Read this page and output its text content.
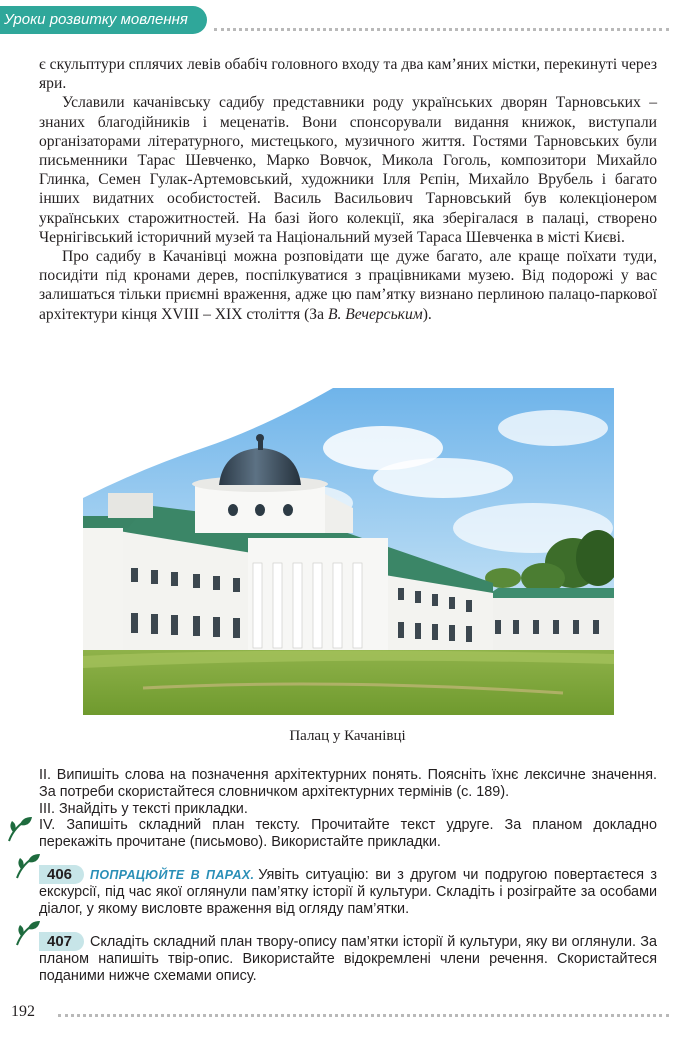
Уроки розвитку мовлення

є скульптури сплячих левів обабіч головного входу та два кам’яних містки, перекинуті через яри.

Уславили качанівську садибу представники роду українських дворян Тарновських – знаних благодійників і меценатів. Вони спонсорували видання книжок, виступали організаторами літературного, мистецького, музичного життя. Гостями Тарновських були письменники Тарас Шевченко, Марко Вовчок, Микола Гоголь, композитори Михайло Глинка, Семен Гулак-Артемовський, художники Ілля Рєпін, Михайло Врубель і багато інших видатних особистостей. Василь Васильович Тарновський був колекціонером українських старожитностей. На базі його колекції, яка зберігалася в палаці, створено Чернігівський історичний музей та Національний музей Тараса Шевченка в місті Києві.

Про садибу в Качанівці можна розповідати ще дуже багато, але краще поїхати туди, посидіти під кронами дерев, поспілкуватися з працівниками музею. Від подорожі у вас залишаться тільки приємні враження, адже цю пам’ятку визнано перлиною палацо-паркової архітектури кінця XVIII – XIX століття (За В. Вечерським).

Палац у Качанівці

II. Випишіть слова на позначення архітектурних понять. Поясніть їхнє лексичне значення. За потреби скористайтеся словничком архітектурних термінів (с. 189).

III. Знайдіть у тексті прикладки.

IV. Запишіть складний план тексту. Прочитайте текст удруге. За планом докладно перекажіть прочитане (письмово). Використайте прикладки.

406 ПОПРАЦЮЙТЕ В ПАРАХ. Уявіть ситуацію: ви з другом чи подругою повертаєтеся з екскурсії, під час якої оглянули пам’ятку історії й культури. Складіть і розіграйте за особами діалог, у якому висловте враження від огляду пам’ятки.

407 Складіть складний план твору-опису пам’ятки історії й культури, яку ви оглянули. За планом напишіть твір-опис. Використайте відокремлені члени речення. Скористайтеся поданими нижче схемами опису.

192
